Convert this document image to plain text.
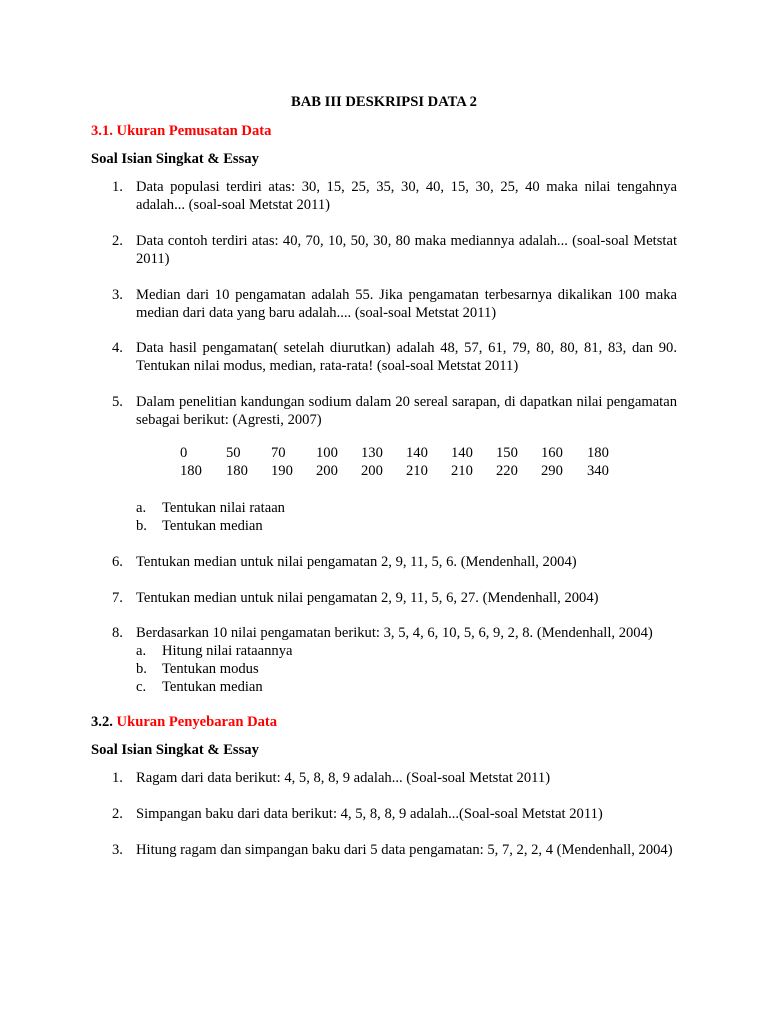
BAB III DESKRIPSI DATA 2
3.1. Ukuran Pemusatan Data
Soal Isian Singkat & Essay
1. Data populasi terdiri atas: 30, 15, 25, 35, 30, 40, 15, 30, 25, 40 maka nilai tengahnya adalah... (soal-soal Metstat 2011)
2. Data contoh terdiri atas: 40, 70, 10, 50, 30, 80 maka mediannya adalah... (soal-soal Metstat 2011)
3. Median dari 10 pengamatan adalah 55. Jika pengamatan terbesarnya dikalikan 100 maka median dari data yang baru adalah.... (soal-soal Metstat 2011)
4. Data hasil pengamatan( setelah diurutkan) adalah 48, 57, 61, 79, 80, 80, 81, 83, dan 90. Tentukan nilai modus, median, rata-rata! (soal-soal Metstat 2011)
5. Dalam penelitian kandungan sodium dalam 20 sereal sarapan, di dapatkan nilai pengamatan sebagai berikut: (Agresti, 2007)
0	50 70 100 130 140 140 150 160 180
180 180 190 200 200 210 210 220 290 340
a. Tentukan nilai rataan
b. Tentukan median
6. Tentukan median untuk nilai pengamatan 2, 9, 11, 5, 6. (Mendenhall, 2004)
7. Tentukan median untuk nilai pengamatan 2, 9, 11, 5, 6, 27. (Mendenhall, 2004)
8. Berdasarkan 10 nilai pengamatan berikut: 3, 5, 4, 6, 10, 5, 6, 9, 2, 8. (Mendenhall, 2004)
a. Hitung nilai rataannya
b. Tentukan modus
c. Tentukan median
3.2. Ukuran Penyebaran Data
Soal Isian Singkat & Essay
1. Ragam dari data berikut: 4, 5, 8, 8, 9 adalah... (Soal-soal Metstat 2011)
2. Simpangan baku dari data berikut: 4, 5, 8, 8, 9 adalah...(Soal-soal Metstat 2011)
3. Hitung ragam dan simpangan baku dari 5 data pengamatan: 5, 7, 2, 2, 4 (Mendenhall, 2004)
